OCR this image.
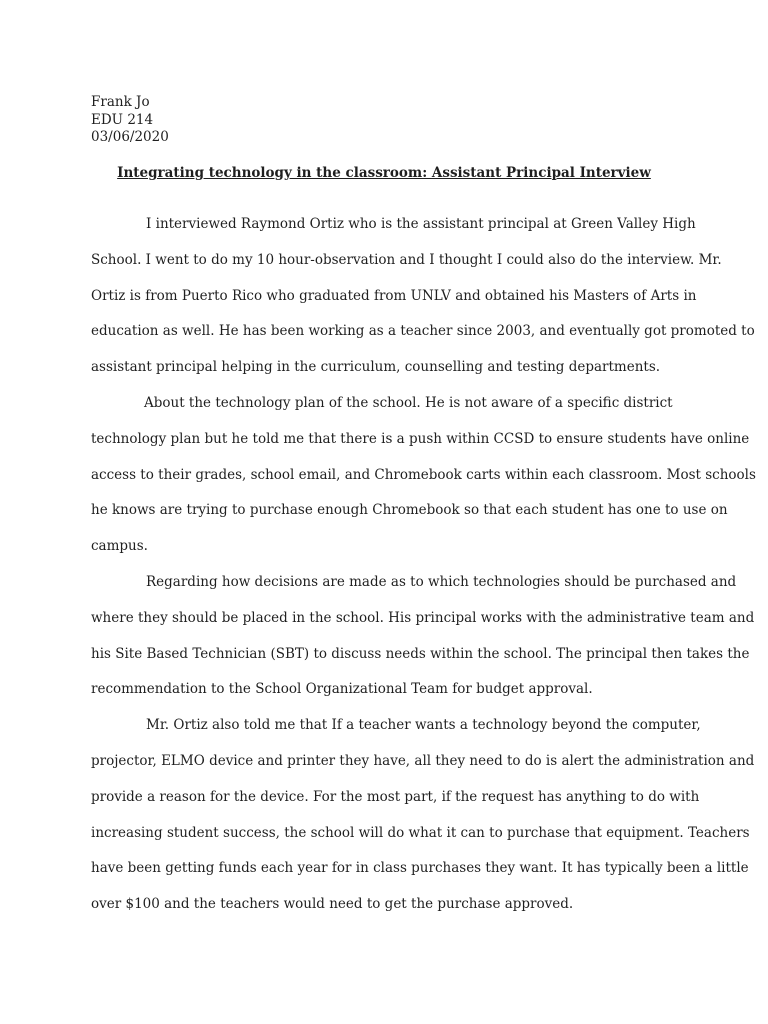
Frank Jo
EDU 214
03/06/2020
Integrating technology in the classroom: Assistant Principal Interview
I interviewed Raymond Ortiz who is the assistant principal at Green Valley High
School. I went to do my 10 hour-observation and I thought I could also do the interview. Mr.
Ortiz is from Puerto Rico who graduated from UNLV and obtained his Masters of Arts in
education as well. He has been working as a teacher since 2003, and eventually got promoted to
assistant principal helping in the curriculum, counselling and testing departments.
About the technology plan of the school. He is not aware of a specific district
technology plan but he told me that there is a push within CCSD to ensure students have online
access to their grades, school email, and Chromebook carts within each classroom. Most schools
he knows are trying to purchase enough Chromebook so that each student has one to use on
campus.
Regarding how decisions are made as to which technologies should be purchased and
where they should be placed in the school. His principal works with the administrative team and
his Site Based Technician (SBT) to discuss needs within the school. The principal then takes the
recommendation to the School Organizational Team for budget approval.
Mr. Ortiz also told me that If a teacher wants a technology beyond the computer,
projector, ELMO device and printer they have, all they need to do is alert the administration and
provide a reason for the device. For the most part, if the request has anything to do with
increasing student success, the school will do what it can to purchase that equipment. Teachers
have been getting funds each year for in class purchases they want. It has typically been a little
over $100 and the teachers would need to get the purchase approved.
